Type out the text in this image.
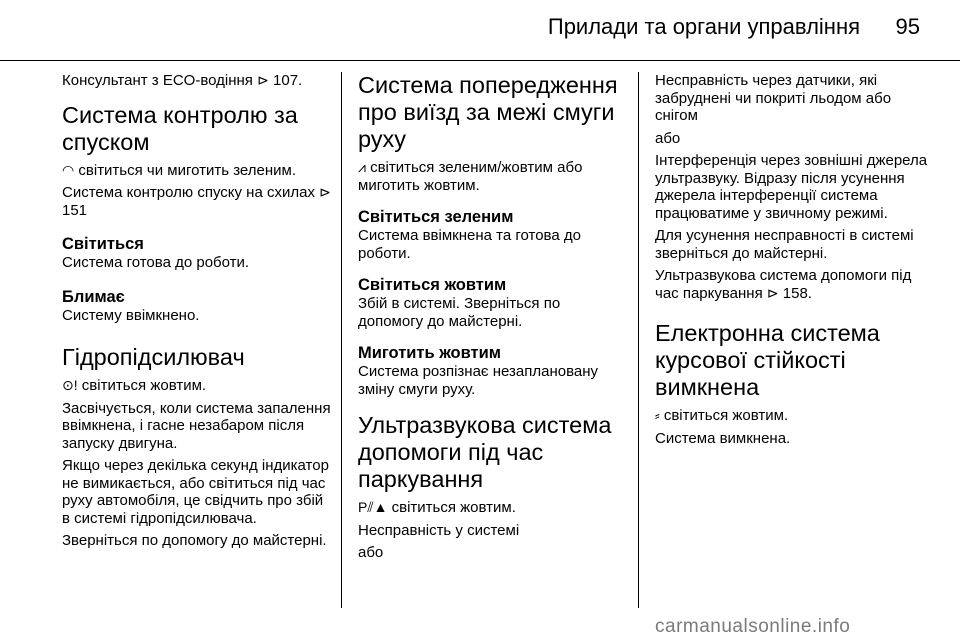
Прилади та органи управління 95

Консультант з ECO-водіння ⊳ 107.

Система контролю за спуском

◠ світиться чи миготить зеленим.

Система контролю спуску на схилах ⊳ 151

Світиться

Система готова до роботи.

Блимає

Систему ввімкнено.

Гідропідсилювач

⊙! світиться жовтим.

Засвічується, коли система запалення ввімкнена, і гасне незабаром після запуску двигуна.

Якщо через декілька секунд індикатор не вимикається, або світиться під час руху автомобіля, це свідчить про збій в системі гідропідсилювача.

Зверніться по допомогу до майстерні.

Система попередження про виїзд за межі смуги руху

⩘ світиться зеленим/жовтим або миготить жовтим.

Світиться зеленим

Система ввімкнена та готова до роботи.

Світиться жовтим

Збій в системі. Зверніться по допомогу до майстерні.

Миготить жовтим

Система розпізнає незаплановану зміну смуги руху.

Ультразвукова система допомоги під час паркування

P⫽▲ світиться жовтим.

Несправність у системі

або

Несправність через датчики, які забруднені чи покриті льодом або снігом

або

Інтерференція через зовнішні джерела ультразвуку. Відразу після усунення джерела інтерференції система працюватиме у звичному режимі.

Для усунення несправності в системі зверніться до майстерні.

Ультразвукова система допомоги під час паркування ⊳ 158.

Електронна система курсової стійкості вимкнена

⸗ світиться жовтим.

Система вимкнена.

carmanualsonline.info
